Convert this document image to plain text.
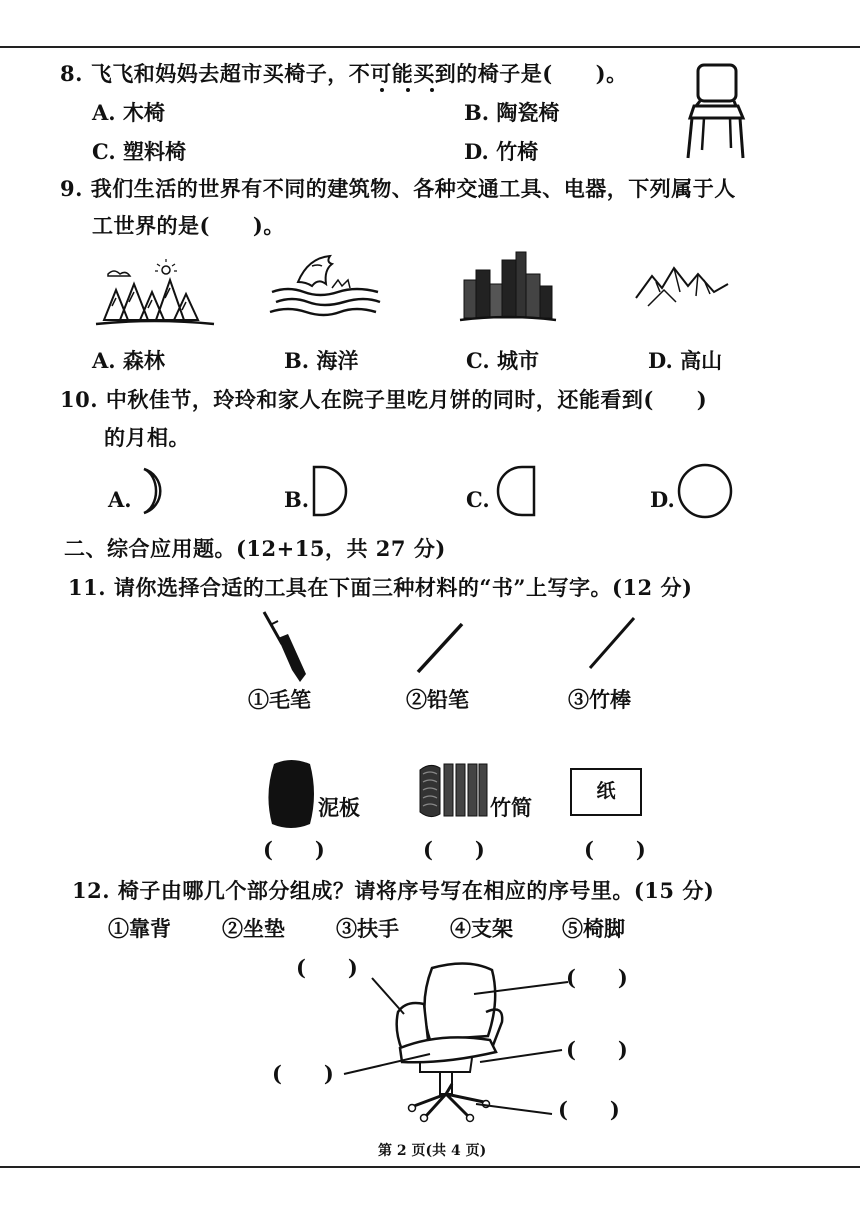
8. 飞飞和妈妈去超市买椅子，不可能买到的椅子是(　　)。
A. 木椅	B. 陶瓷椅
C. 塑料椅	D. 竹椅
9. 我们生活的世界有不同的建筑物、各种交通工具、电器，下列属于人
工世界的是(　　)。
A. 森林	B. 海洋	C. 城市	D. 高山
10. 中秋佳节，玲玲和家人在院子里吃月饼的同时，还能看到(　　)
的月相。
A.	B.	C.	D.
二、综合应用题。(12+15，共 27 分)
11. 请你选择合适的工具在下面三种材料的“书”上写字。(12 分)
①毛笔	②铅笔	③竹棒
泥板	竹简
纸
(　　)	(　　)	(　　)
12. 椅子由哪几个部分组成？请将序号写在相应的序号里。(15 分)
①靠背 ②坐垫 ③扶手 ④支架 ⑤椅脚
(　　)	(　　)
(　　)
(　　)
(　　)
第 2 页(共 4 页)
